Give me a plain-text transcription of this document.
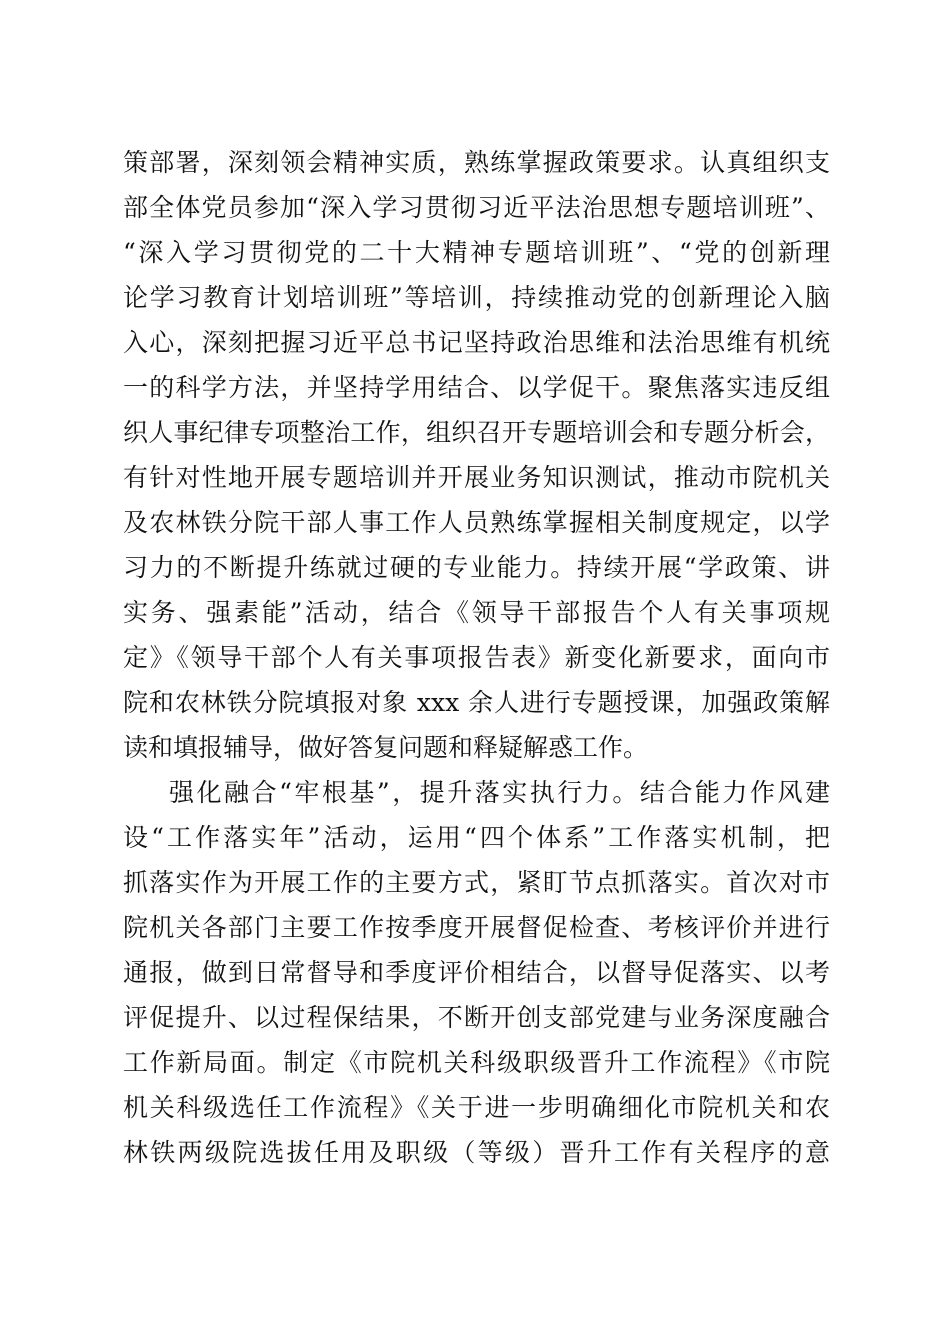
策部署，深刻领会精神实质，熟练掌握政策要求。认真组织支
部全体党员参加“深入学习贯彻习近平法治思想专题培训班”、
“深入学习贯彻党的二十大精神专题培训班”、“党的创新理
论学习教育计划培训班”等培训，持续推动党的创新理论入脑
入心，深刻把握习近平总书记坚持政治思维和法治思维有机统
一的科学方法，并坚持学用结合、以学促干。聚焦落实违反组
织人事纪律专项整治工作，组织召开专题培训会和专题分析会，
有针对性地开展专题培训并开展业务知识测试，推动市院机关
及农林铁分院干部人事工作人员熟练掌握相关制度规定，以学
习力的不断提升练就过硬的专业能力。持续开展“学政策、讲
实务、强素能”活动，结合《领导干部报告个人有关事项规
定》《领导干部个人有关事项报告表》新变化新要求，面向市
院和农林铁分院填报对象 xxx 余人进行专题授课，加强政策解
读和填报辅导，做好答复问题和释疑解惑工作。
强化融合“牢根基”，提升落实执行力。结合能力作风建
设“工作落实年”活动，运用“四个体系”工作落实机制，把
抓落实作为开展工作的主要方式，紧盯节点抓落实。首次对市
院机关各部门主要工作按季度开展督促检查、考核评价并进行
通报，做到日常督导和季度评价相结合，以督导促落实、以考
评促提升、以过程保结果，不断开创支部党建与业务深度融合
工作新局面。制定《市院机关科级职级晋升工作流程》《市院
机关科级选任工作流程》《关于进一步明确细化市院机关和农
林铁两级院选拔任用及职级（等级）晋升工作有关程序的意
